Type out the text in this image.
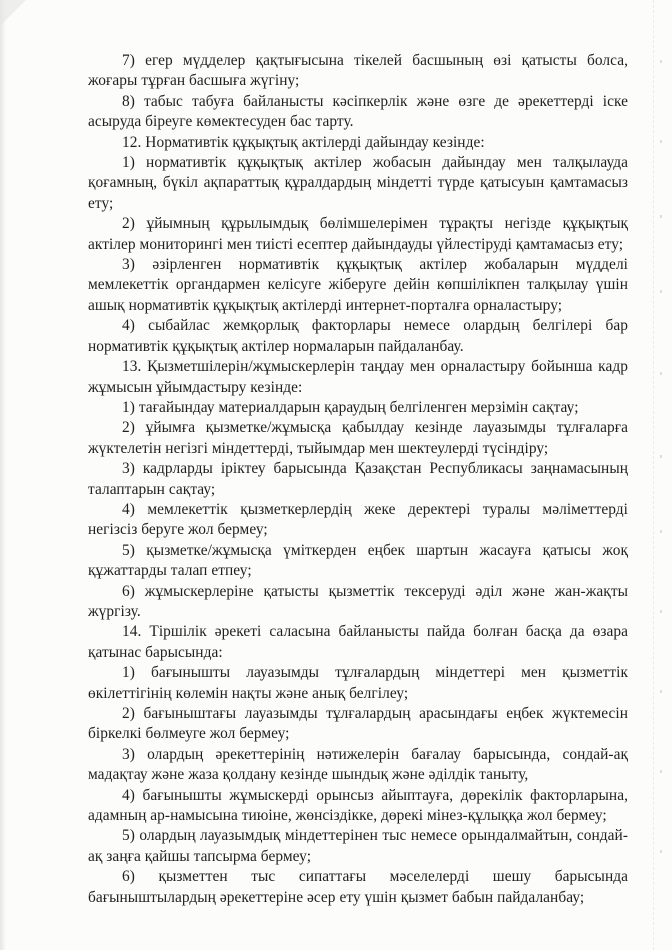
7) егер мүдделер қақтығысына тікелей басшының өзі қатысты болса, жоғары тұрған басшыға жүгіну;

8) табыс табуға байланысты кәсіпкерлік және өзге де әрекеттерді іске асыруда біреуге көмектесуден бас тарту.

12. Нормативтік құқықтық актілерді дайындау кезінде:

1) нормативтік құқықтық актілер жобасын дайындау мен талқылауда қоғамның, бүкіл ақпараттық құралдардың міндетті түрде қатысуын қамтамасыз ету;

2) ұйымның құрылымдық бөлімшелерімен тұрақты негізде құқықтық актілер мониторингі мен тиісті есептер дайындауды үйлестіруді қамтамасыз ету;

3) әзірленген нормативтік құқықтық актілер жобаларын мүдделі мемлекеттік органдармен келісуге жіберуге дейін көпшілікпен талқылау үшін ашық нормативтік құқықтық актілерді интернет-порталға орналастыру;

4) сыбайлас жемқорлық факторлары немесе олардың белгілері бар нормативтік құқықтық актілер нормаларын пайдаланбау.

13. Қызметшілерін/жұмыскерлерін таңдау мен орналастыру бойынша кадр жұмысын ұйымдастыру кезінде:

1) тағайындау материалдарын қараудың белгіленген мерзімін сақтау;

2) ұйымға қызметке/жұмысқа қабылдау кезінде лауазымды тұлғаларға жүктелетін негізгі міндеттерді, тыйымдар мен шектеулерді түсіндіру;

3) кадрларды іріктеу барысында Қазақстан Республикасы заңнамасының талаптарын сақтау;

4) мемлекеттік қызметкерлердің жеке деректері туралы мәліметтерді негізсіз беруге жол бермеу;

5) қызметке/жұмысқа үміткерден еңбек шартын жасауға қатысы жоқ құжаттарды талап етпеу;

6) жұмыскерлеріне қатысты қызметтік тексеруді әділ және жан-жақты жүргізу.

14. Тіршілік әрекеті саласына байланысты пайда болған басқа да өзара қатынас барысында:

1) бағынышты лауазымды тұлғалардың міндеттері мен қызметтік өкілеттігінің көлемін нақты және анық белгілеу;

2) бағыныштағы лауазымды тұлғалардың арасындағы еңбек жүктемесін біркелкі бөлмеуге жол бермеу;

3) олардың әрекеттерінің нәтижелерін бағалау барысында, сондай-ақ мадақтау және жаза қолдану кезінде шындық және әділдік таныту,

4) бағынышты жұмыскерді орынсыз айыптауға, дөрекілік факторларына, адамның ар-намысына тиюіне, жөнсіздікке, дөрекі мінез-құлыққа жол бермеу;

5) олардың лауазымдық міндеттерінен тыс немесе орындалмайтын, сондай-ақ заңға қайшы тапсырма бермеу;

6) қызметтен тыс сипаттағы мәселелерді шешу барысында бағыныштылардың әрекеттеріне әсер ету үшін қызмет бабын пайдаланбау;
